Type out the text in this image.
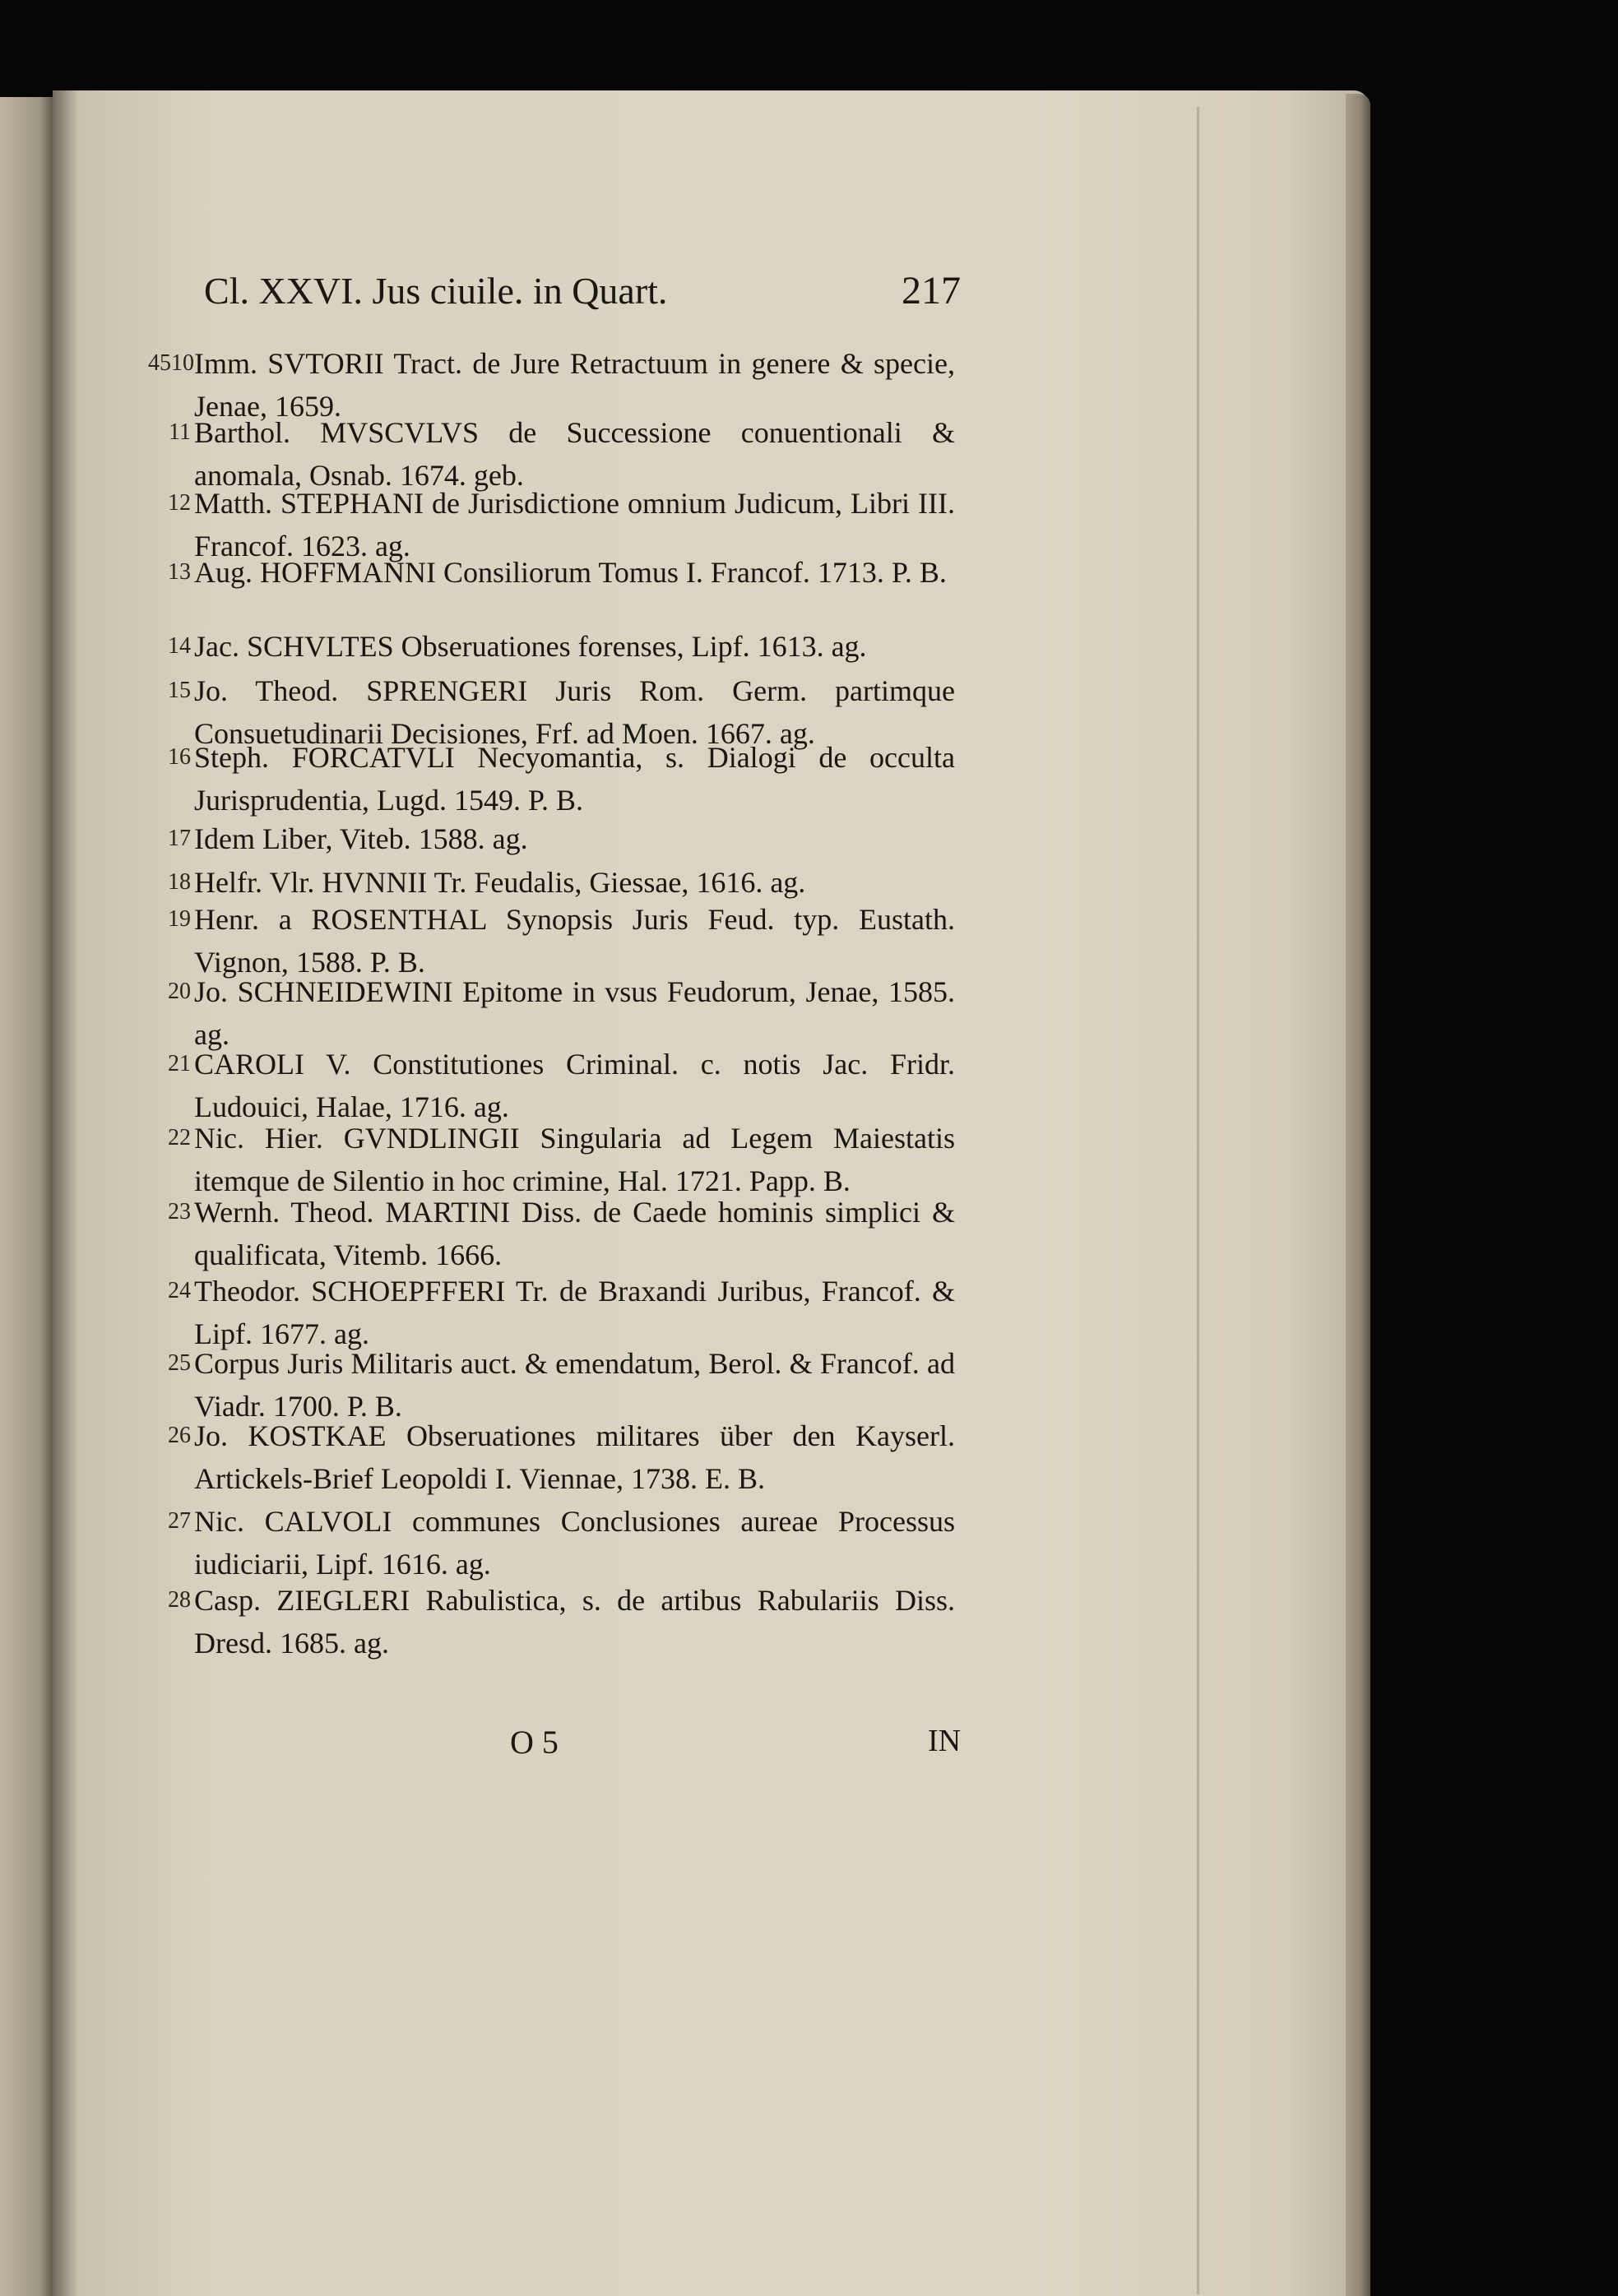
Cl. XXVI. Jus ciuile. in Quart.	217
4510 Imm. SVTORII Tract. de Jure Retractuum in genere & specie, Jenae, 1659.
11 Barthol. MVSCVLVS de Successione conuentionali & anomala, Osnab. 1674. geb.
12 Matth. STEPHANI de Jurisdictione omnium Judicum, Libri III. Francof. 1623. ag.
13 Aug. HOFFMANNI Consiliorum Tomus I. Francof. 1713. P. B.
14 Jac. SCHVLTES Obseruationes forenses, Lipf. 1613. ag.
15 Jo. Theod. SPRENGERI Juris Rom. Germ. partimque Consuetudinarii Decisiones, Frf. ad Moen. 1667. ag.
16 Steph. FORCATVLI Necyomantia, s. Dialogi de occulta Jurisprudentia, Lugd. 1549. P. B.
17 Idem Liber, Viteb. 1588. ag.
18 Helfr. Vlr. HVNNII Tr. Feudalis, Giessae, 1616. ag.
19 Henr. a ROSENTHAL Synopsis Juris Feud. typ. Eustath. Vignon, 1588. P. B.
20 Jo. SCHNEIDEWINI Epitome in vsus Feudorum, Jenae, 1585. ag.
21 CAROLI V. Constitutiones Criminal. c. notis Jac. Fridr. Ludouici, Halae, 1716. ag.
22 Nic. Hier. GVNDLINGII Singularia ad Legem Maiestatis itemque de Silentio in hoc crimine, Hal. 1721. Papp. B.
23 Wernh. Theod. MARTINI Diss. de Caede hominis simplici & qualificata, Vitemb. 1666.
24 Theodor. SCHOEPFFERI Tr. de Braxandi Juribus, Francof. & Lipf. 1677. ag.
25 Corpus Juris Militaris auct. & emendatum, Berol. & Francof. ad Viadr. 1700. P. B.
26 Jo. KOSTKAE Obseruationes militares über den Kayserl. Artickels-Brief Leopoldi I. Viennae, 1738. E. B.
27 Nic. CALVOLI communes Conclusiones aureae Processus iudiciarii, Lipf. 1616. ag.
28 Casp. ZIEGLERI Rabulistica, s. de artibus Rabulariis Diss. Dresd. 1685. ag.
O 5	IN
